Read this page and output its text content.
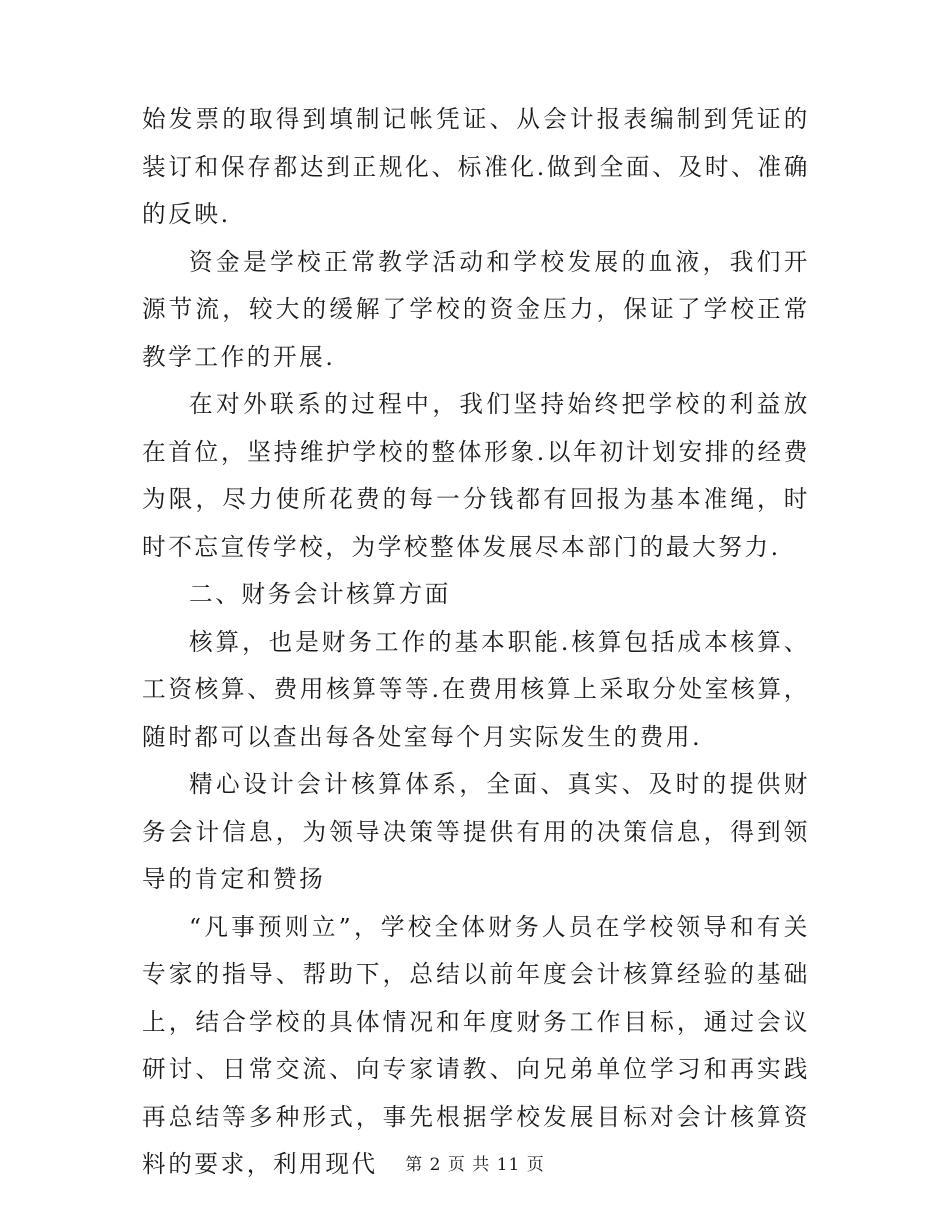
始发票的取得到填制记帐凭证、从会计报表编制到凭证的装订和保存都达到正规化、标准化.做到全面、及时、准确的反映.

资金是学校正常教学活动和学校发展的血液，我们开源节流，较大的缓解了学校的资金压力，保证了学校正常教学工作的开展.

在对外联系的过程中，我们坚持始终把学校的利益放在首位，坚持维护学校的整体形象.以年初计划安排的经费为限，尽力使所花费的每一分钱都有回报为基本准绳，时时不忘宣传学校，为学校整体发展尽本部门的最大努力.

二、财务会计核算方面

核算，也是财务工作的基本职能.核算包括成本核算、工资核算、费用核算等等.在费用核算上采取分处室核算，随时都可以查出每各处室每个月实际发生的费用.

精心设计会计核算体系，全面、真实、及时的提供财务会计信息，为领导决策等提供有用的决策信息，得到领导的肯定和赞扬

“凡事预则立”，学校全体财务人员在学校领导和有关专家的指导、帮助下，总结以前年度会计核算经验的基础上，结合学校的具体情况和年度财务工作目标，通过会议研讨、日常交流、向专家请教、向兄弟单位学习和再实践再总结等多种形式，事先根据学校发展目标对会计核算资料的要求，利用现代	第 2 页 共 11 页
